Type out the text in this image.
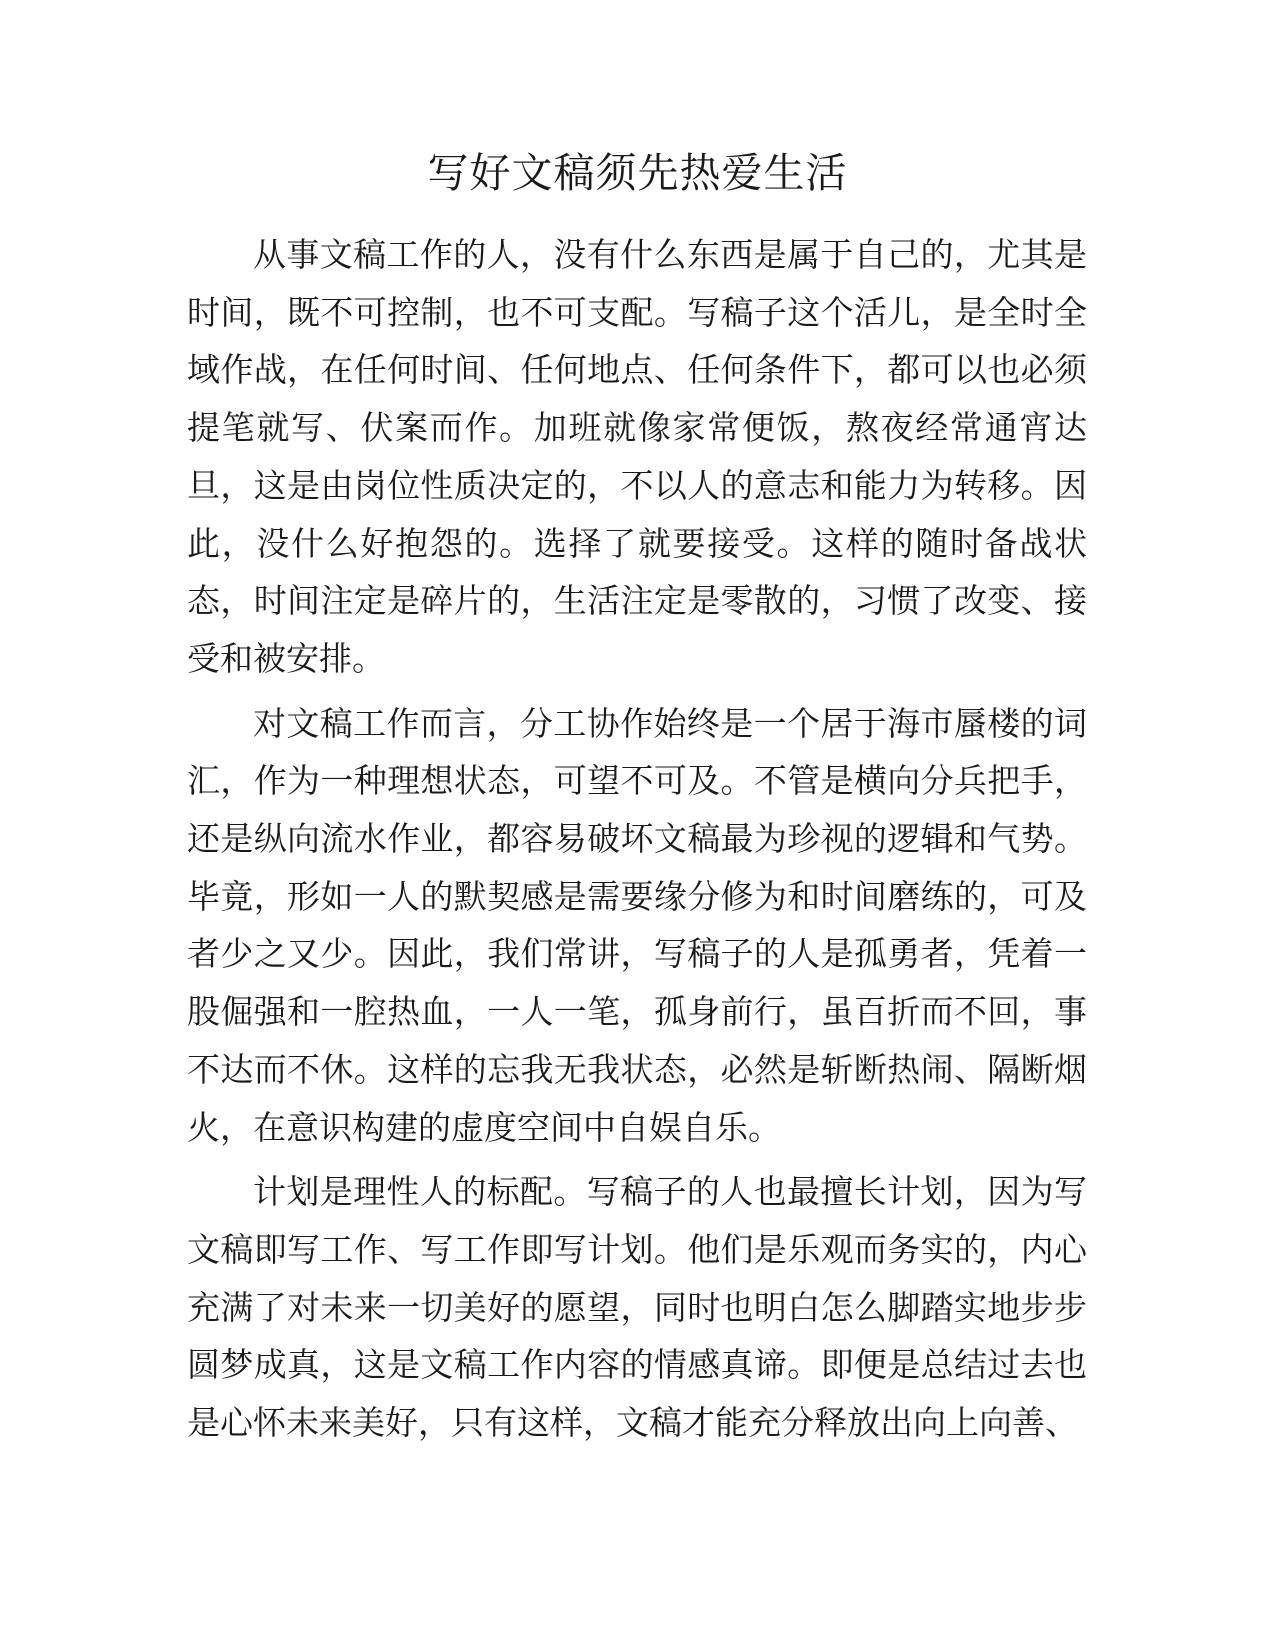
写好文稿须先热爱生活

从事文稿工作的人，没有什么东西是属于自己的，尤其是时间，既不可控制，也不可支配。写稿子这个活儿，是全时全域作战，在任何时间、任何地点、任何条件下，都可以也必须提笔就写、伏案而作。加班就像家常便饭，熬夜经常通宵达旦，这是由岗位性质决定的，不以人的意志和能力为转移。因此，没什么好抱怨的。选择了就要接受。这样的随时备战状态，时间注定是碎片的，生活注定是零散的，习惯了改变、接受和被安排。

对文稿工作而言，分工协作始终是一个居于海市蜃楼的词汇，作为一种理想状态，可望不可及。不管是横向分兵把手，还是纵向流水作业，都容易破坏文稿最为珍视的逻辑和气势。毕竟，形如一人的默契感是需要缘分修为和时间磨练的，可及者少之又少。因此，我们常讲，写稿子的人是孤勇者，凭着一股倔强和一腔热血，一人一笔，孤身前行，虽百折而不回，事不达而不休。这样的忘我无我状态，必然是斩断热闹、隔断烟火，在意识构建的虚度空间中自娱自乐。

计划是理性人的标配。写稿子的人也最擅长计划，因为写文稿即写工作、写工作即写计划。他们是乐观而务实的，内心充满了对未来一切美好的愿望，同时也明白怎么脚踏实地步步圆梦成真，这是文稿工作内容的情感真谛。即便是总结过去也是心怀未来美好，只有这样，文稿才能充分释放出向上向善、
